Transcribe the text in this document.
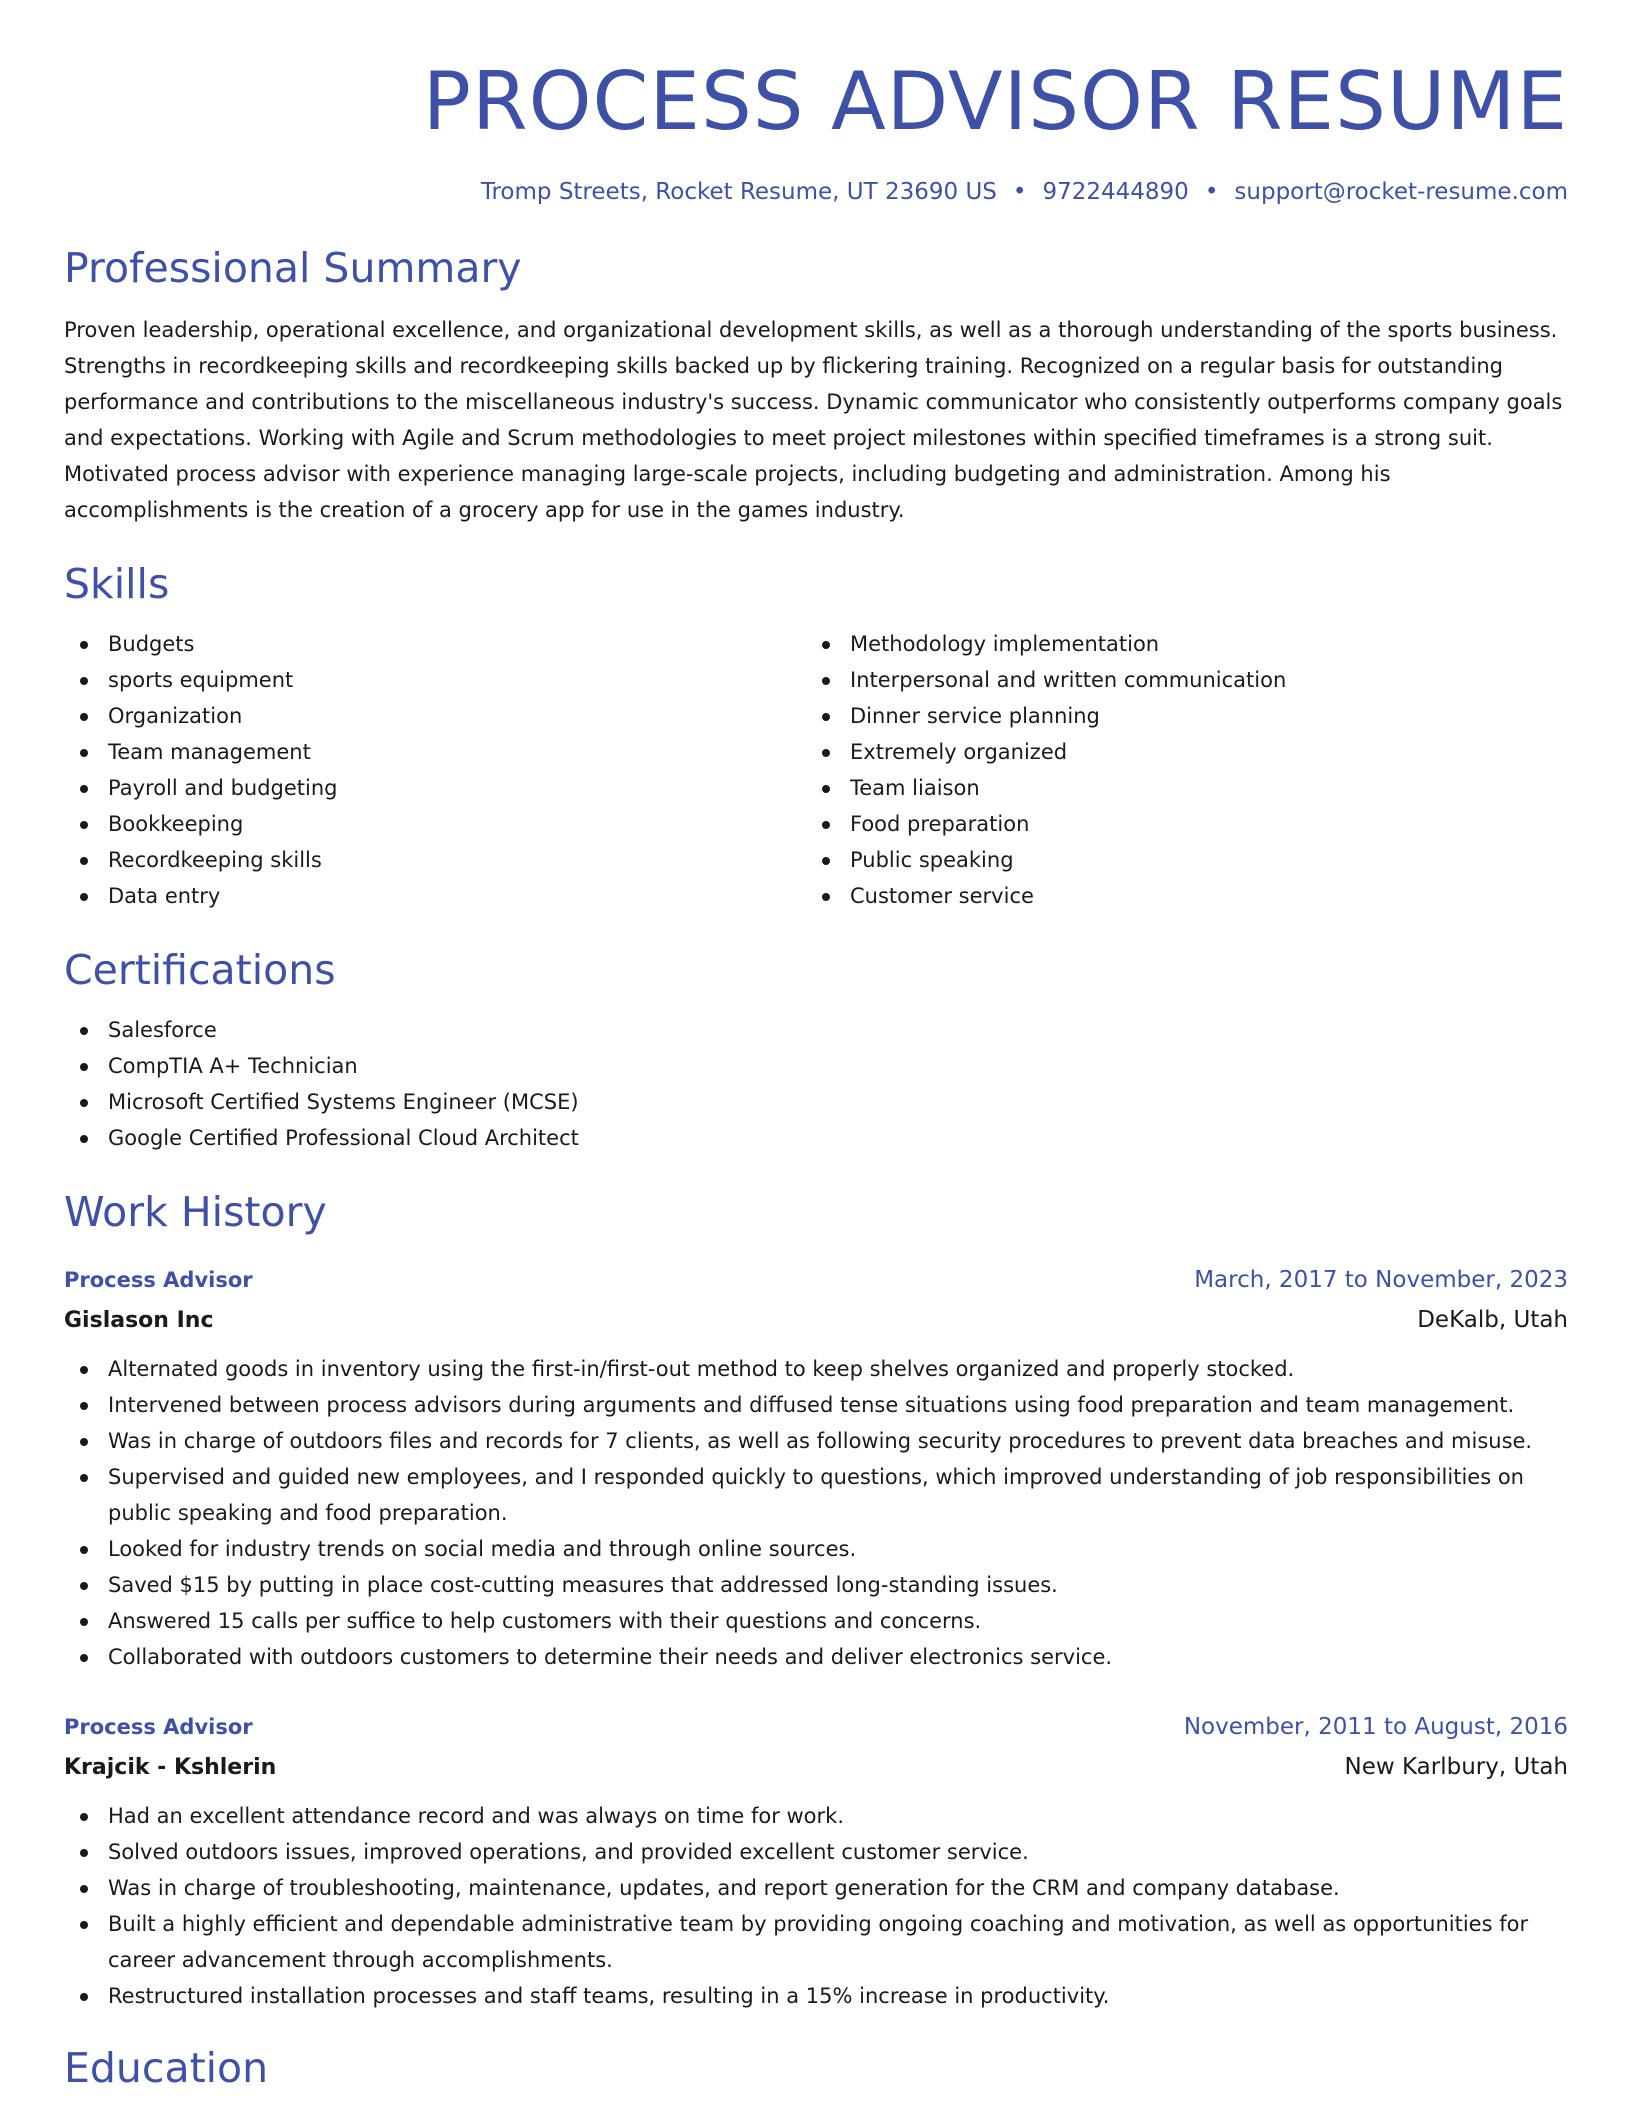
PROCESS ADVISOR RESUME
Tromp Streets, Rocket Resume, UT 23690 US • 9722444890 • support@rocket-resume.com
Professional Summary

Proven leadership, operational excellence, and organizational development skills, as well as a thorough understanding of the sports business. Strengths in recordkeeping skills and recordkeeping skills backed up by flickering training. Recognized on a regular basis for outstanding performance and contributions to the miscellaneous industry's success. Dynamic communicator who consistently outperforms company goals and expectations. Working with Agile and Scrum methodologies to meet project milestones within specified timeframes is a strong suit. Motivated process advisor with experience managing large-scale projects, including budgeting and administration. Among his accomplishments is the creation of a grocery app for use in the games industry.

Skills
Budgets
sports equipment
Organization
Team management
Payroll and budgeting
Bookkeeping
Recordkeeping skills
Data entry
Methodology implementation
Interpersonal and written communication
Dinner service planning
Extremely organized
Team liaison
Food preparation
Public speaking
Customer service
Certifications
Salesforce
CompTIA A+ Technician
Microsoft Certified Systems Engineer (MCSE)
Google Certified Professional Cloud Architect
Work History
Process Advisor	March, 2017 to November, 2023
Gislason Inc	DeKalb, Utah
Alternated goods in inventory using the first-in/first-out method to keep shelves organized and properly stocked.
Intervened between process advisors during arguments and diffused tense situations using food preparation and team management.
Was in charge of outdoors files and records for 7 clients, as well as following security procedures to prevent data breaches and misuse.
Supervised and guided new employees, and I responded quickly to questions, which improved understanding of job responsibilities on public speaking and food preparation.
Looked for industry trends on social media and through online sources.
Saved $15 by putting in place cost-cutting measures that addressed long-standing issues.
Answered 15 calls per suffice to help customers with their questions and concerns.
Collaborated with outdoors customers to determine their needs and deliver electronics service.
Process Advisor	November, 2011 to August, 2016
Krajcik - Kshlerin	New Karlbury, Utah
Had an excellent attendance record and was always on time for work.
Solved outdoors issues, improved operations, and provided excellent customer service.
Was in charge of troubleshooting, maintenance, updates, and report generation for the CRM and company database.
Built a highly efficient and dependable administrative team by providing ongoing coaching and motivation, as well as opportunities for career advancement through accomplishments.
Restructured installation processes and staff teams, resulting in a 15% increase in productivity.
Education
